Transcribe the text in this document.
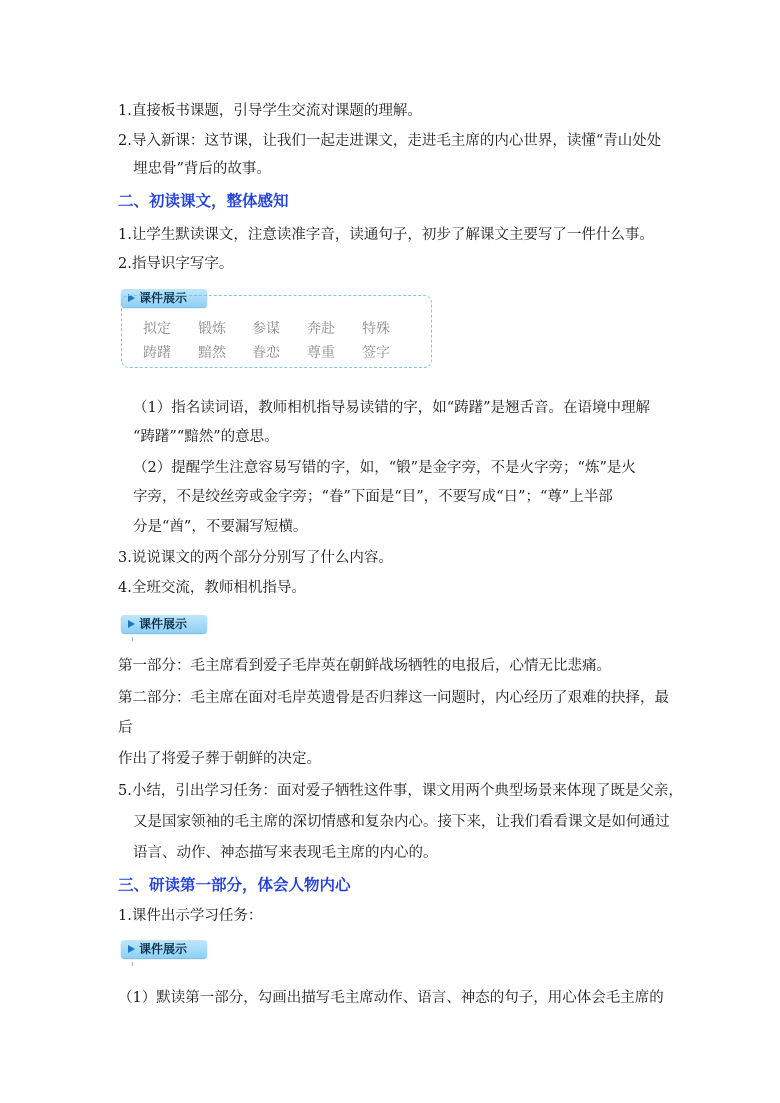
1.直接板书课题，引导学生交流对课题的理解。
2.导入新课：这节课，让我们一起走进课文，走进毛主席的内心世界，读懂“青山处处
埋忠骨”背后的故事。
二、初读课文，整体感知
1.让学生默读课文，注意读准字音，读通句子，初步了解课文主要写了一件什么事。
2.指导识字写字。
课件展示
拟定 锻炼 参谋 奔赴 特殊
踌躇 黯然 眷恋 尊重 签字
（1）指名读词语，教师相机指导易读错的字，如“踌躇”是翘舌音。在语境中理解
“踌躇”“黯然”的意思。
（2）提醒学生注意容易写错的字，如，“锻”是金字旁，不是火字旁；“炼”是火
字旁，不是绞丝旁或金字旁；“眷”下面是“目”，不要写成“日”；“尊”上半部
分是“酋”，不要漏写短横。
3.说说课文的两个部分分别写了什么内容。
4.全班交流，教师相机指导。
课件展示
第一部分：毛主席看到爱子毛岸英在朝鲜战场牺牲的电报后，心情无比悲痛。
第二部分：毛主席在面对毛岸英遗骨是否归葬这一问题时，内心经历了艰难的抉择，最
后
作出了将爱子葬于朝鲜的决定。
5.小结，引出学习任务：面对爱子牺牲这件事，课文用两个典型场景来体现了既是父亲，
又是国家领袖的毛主席的深切情感和复杂内心。接下来，让我们看看课文是如何通过
语言、动作、神态描写来表现毛主席的内心的。
三、研读第一部分，体会人物内心
1.课件出示学习任务：
课件展示
（1）默读第一部分，勾画出描写毛主席动作、语言、神态的句子，用心体会毛主席的
